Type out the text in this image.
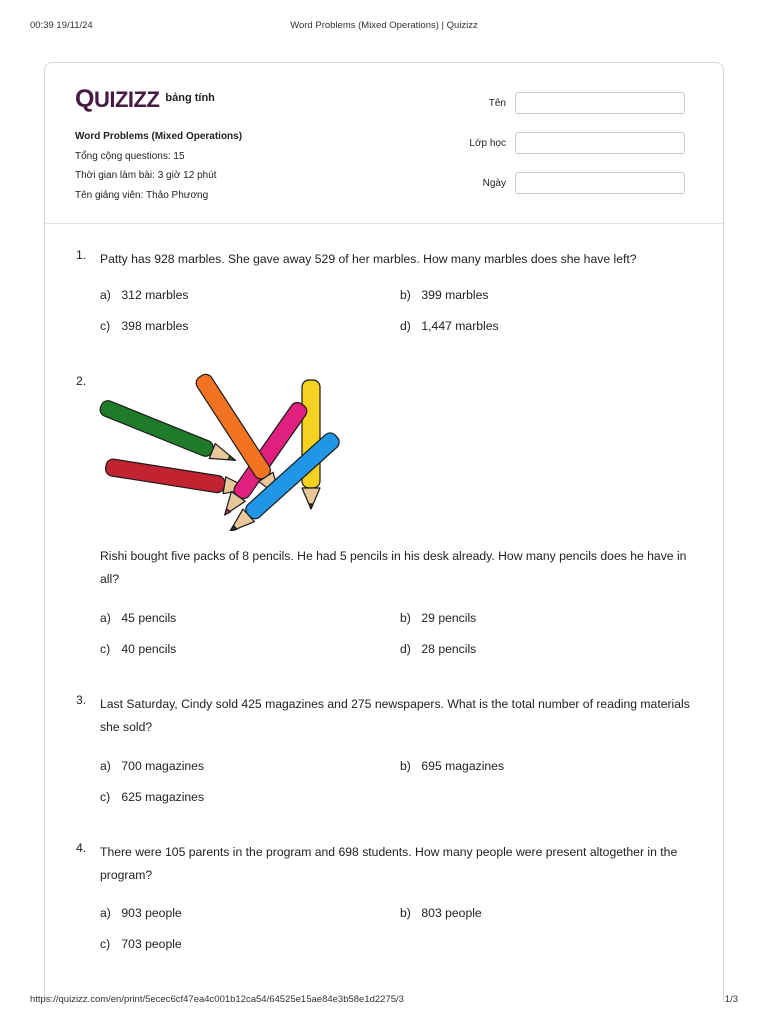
00:39 19/11/24	Word Problems (Mixed Operations) | Quizizz
QUIZIZZ bảng tính
Word Problems (Mixed Operations)
Tổng cộng questions: 15
Thời gian làm bài: 3 giờ 12 phút
Tên giảng viên: Thảo Phương
Tên
Lớp học
Ngày
1. Patty has 928 marbles. She gave away 529 of her marbles. How many marbles does she have left?
a) 312 marbles	b) 399 marbles
c) 398 marbles	d) 1,447 marbles
2.
Rishi bought five packs of 8 pencils. He had 5 pencils in his desk already. How many pencils does he have in all?
a) 45 pencils	b) 29 pencils
c) 40 pencils	d) 28 pencils
3. Last Saturday, Cindy sold 425 magazines and 275 newspapers. What is the total number of reading materials she sold?
a) 700 magazines	b) 695 magazines
c) 625 magazines
4. There were 105 parents in the program and 698 students. How many people were present altogether in the program?
a) 903 people	b) 803 people
c) 703 people
https://quizizz.com/en/print/5ecec6cf47ea4c001b12ca54/64525e15ae84e3b58e1d2275/3	1/3
